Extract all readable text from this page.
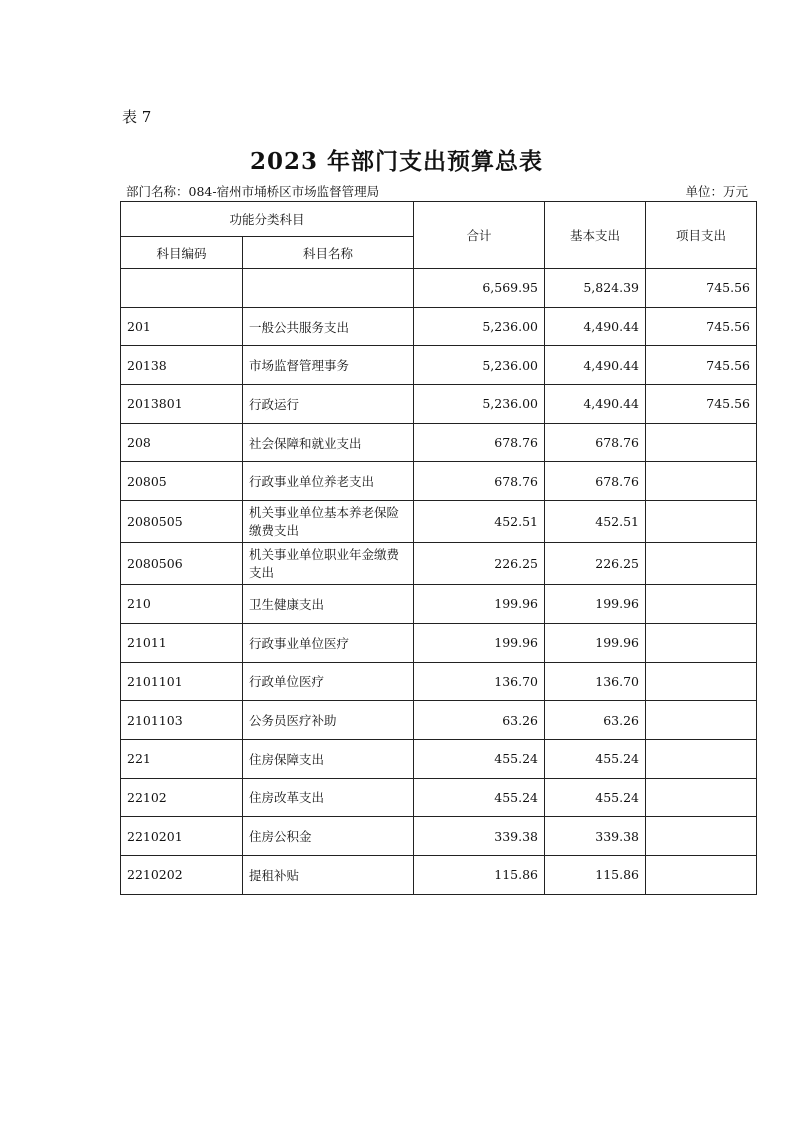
表 7
2023 年部门支出预算总表
部门名称：084-宿州市埇桥区市场监督管理局	单位：万元
功能分类科目		合计	基本支出	项目支出
科目编码	科目名称			
		6,569.95	5,824.39	745.56
201	一般公共服务支出	5,236.00	4,490.44	745.56
20138	市场监督管理事务	5,236.00	4,490.44	745.56
2013801	行政运行	5,236.00	4,490.44	745.56
208	社会保障和就业支出	678.76	678.76	
20805	行政事业单位养老支出	678.76	678.76	
2080505	机关事业单位基本养老保险缴费支出	452.51	452.51	
2080506	机关事业单位职业年金缴费支出	226.25	226.25	
210	卫生健康支出	199.96	199.96	
21011	行政事业单位医疗	199.96	199.96	
2101101	行政单位医疗	136.70	136.70	
2101103	公务员医疗补助	63.26	63.26	
221	住房保障支出	455.24	455.24	
22102	住房改革支出	455.24	455.24	
2210201	住房公积金	339.38	339.38	
2210202	提租补贴	115.86	115.86	
